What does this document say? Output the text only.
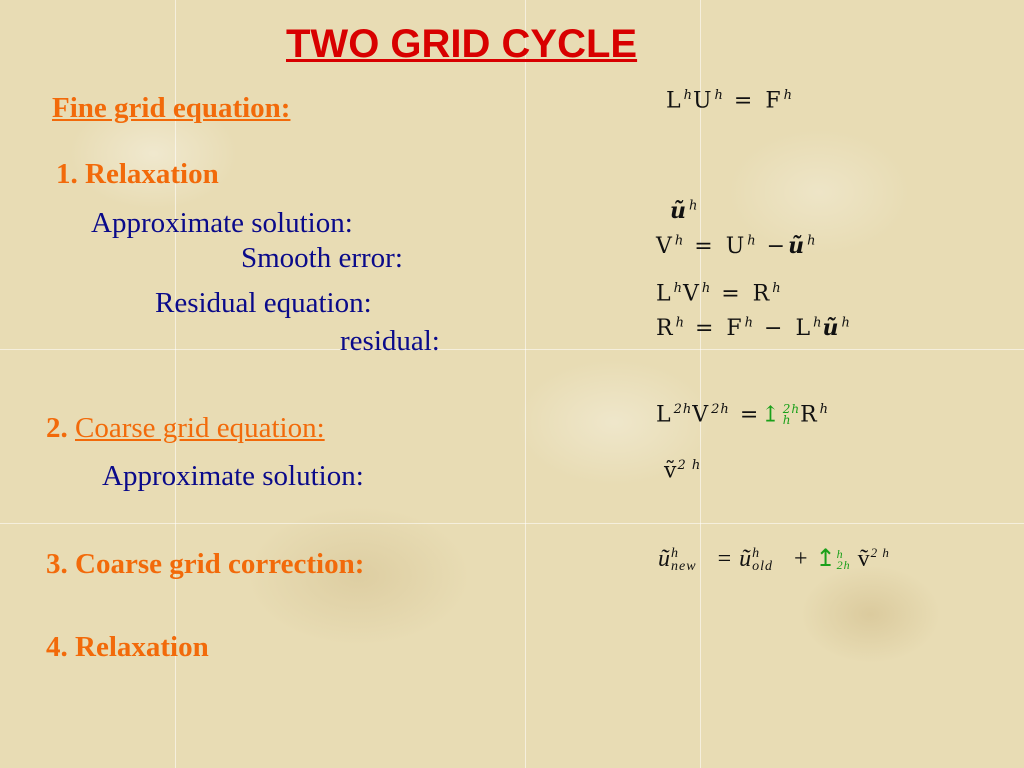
TWO GRID CYCLE
Fine grid equation:
1. Relaxation
Approximate solution:
Smooth error:
Residual equation:
residual:
2. Coarse grid equation:
Approximate solution:
3. Coarse grid correction:
4. Relaxation
$L^hU^h = F^h$
$ũ^h$
$V^h = U^h$ $-ũ^h$
$L^hV^h = R^h$
$R^h = F^h$ − $L^hũ^h$
$L^{2h}V^{2h}$ =↥2h
h $R^h$
ṽ$^{2 h}$
ũh
new   = ũh
old   + ↥h
2h ṽ$^{2 h}$
